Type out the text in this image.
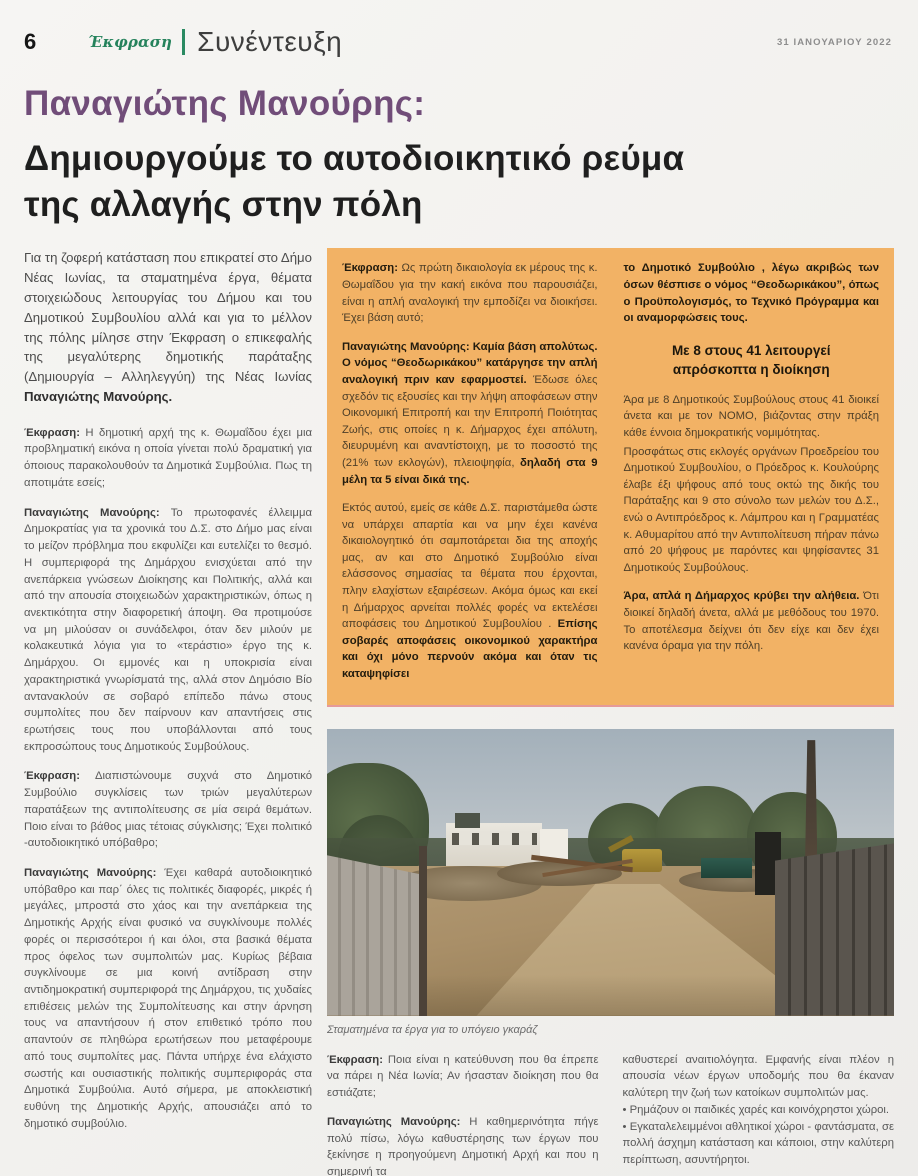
6	Έκφραση Συνέντευξη	31 ΙΑΝΟΥΑΡΙΟΥ 2022
Παναγιώτης Μανούρης:
Δημιουργούμε το αυτοδιοικητικό ρεύμα
της αλλαγής στην πόλη

Για τη ζοφερή κατάσταση που επικρατεί στο Δήμο Νέας Ιωνίας, τα σταματημένα έργα, θέματα στοιχειώδους λειτουργίας του Δήμου και του Δημοτικού Συμβουλίου αλλά και για το μέλλον της πόλης μίλησε στην Έκφραση ο επικεφαλής της μεγαλύτερης δημοτικής παράταξης (Δημιουργία – Αλληλεγγύη) της Νέας Ιωνίας Παναγιώτης Μανούρης.

Έκφραση: Η δημοτική αρχή της κ. Θωμαΐδου έχει μια προβληματική εικόνα η οποία γίνεται πολύ δραματική για όποιους παρακολουθούν τα Δημοτικά Συμβούλια. Πως τη αποτιμάτε εσείς;

Παναγιώτης Μανούρης: Το πρωτοφανές έλλειμμα Δημοκρατίας για τα χρονικά του Δ.Σ. στο Δήμο μας είναι το μείζον πρόβλημα που εκφυλίζει και ευτελίζει το θεσμό. Η συμπεριφορά της Δημάρχου ενισχύεται από την ανεπάρκεια γνώσεων Διοίκησης και Πολιτικής, αλλά και από την απουσία στοιχειωδών χαρακτηριστικών, όπως η ανεκτικότητα στην διαφορετική άποψη. Θα προτιμούσε να μη μιλούσαν οι συνάδελφοι, όταν δεν μιλούν με κολακευτικά λόγια για το «τεράστιο» έργο της κ. Δημάρχου. Οι εμμονές και η υποκρισία είναι χαρακτηριστικά γνωρίσματά της, αλλά στον Δημόσιο Βίο αντανακλούν σε σοβαρό επίπεδο πάνω στους συμπολίτες που δεν παίρνουν καν απαντήσεις στις ερωτήσεις τους που υποβάλλονται από τους εκπροσώπους τους Δημοτικούς Συμβούλους.

Έκφραση: Διαπιστώνουμε συχνά στο Δημοτικό Συμβούλιο συγκλίσεις των τριών μεγαλύτερων παρατάξεων της αντιπολίτευσης σε μία σειρά θεμάτων. Ποιο είναι το βάθος μιας τέτοιας σύγκλισης; Έχει πολιτικό -αυτοδιοικητικό υπόβαθρο;

Παναγιώτης Μανούρης: Έχει καθαρά αυτοδιοικητικό υπόβαθρο και παρ΄ όλες τις πολιτικές διαφορές, μικρές ή μεγάλες, μπροστά στο χάος και την ανεπάρκεια της Δημοτικής Αρχής είναι φυσικό να συγκλίνουμε πολλές φορές οι περισσότεροι ή και όλοι, στα βασικά θέματα προς όφελος των συμπολιτών μας. Κυρίως βέβαια συγκλίνουμε σε μια κοινή αντίδραση στην αντιδημοκρατική συμπεριφορά της Δημάρχου, τις χυδαίες επιθέσεις μελών της Συμπολίτευσης και στην άρνηση τους να απαντήσουν ή στον επιθετικό τρόπο που απαντούν σε πληθώρα ερωτήσεων που μεταφέρουμε από τους συμπολίτες μας. Πάντα υπήρχε ένα ελάχιστο σωστής και ουσιαστικής πολιτικής συμπεριφοράς στα Δημοτικά Συμβούλια. Αυτό σήμερα, με αποκλειστική ευθύνη της Δημοτικής Αρχής, απουσιάζει από το δημοτικό συμβούλιο.

Έκφραση: Ως πρώτη δικαιολογία εκ μέρους της κ. Θωμαΐδου για την κακή εικόνα που παρουσιάζει, είναι η απλή αναλογική την εμποδίζει να διοικήσει. Έχει βάση αυτό;

Παναγιώτης Μανούρης: Καμία βάση απολύτως. Ο νόμος “Θεοδωρικάκου” κατάργησε την απλή αναλογική πριν καν εφαρμοστεί. Έδωσε όλες σχεδόν τις εξουσίες και την λήψη αποφάσεων στην Οικονομική Επιτροπή και την Επιτροπή Ποιότητας Ζωής, στις οποίες η κ. Δήμαρχος έχει απόλυτη, διευρυμένη και αναντίστοιχη, με το ποσοστό της (21% των εκλογών), πλειοψηφία, δηλαδή στα 9 μέλη τα 5 είναι δικά της.

Εκτός αυτού, εμείς σε κάθε Δ.Σ. παριστάμεθα ώστε να υπάρχει απαρτία και να μην έχει κανένα δικαιολογητικό ότι σαμποτάρεται δια της αποχής μας, αν και στο Δημοτικό Συμβούλιο είναι ελάσσονος σημασίας τα θέματα που έρχονται, πλην ελαχίστων εξαιρέσεων. Ακόμα όμως και εκεί η Δήμαρχος αρνείται πολλές φορές να εκτελέσει αποφάσεις του Δημοτικού Συμβουλίου . Επίσης σοβαρές αποφάσεις οικονομικού χαρακτήρα και όχι μόνο περνούν ακόμα και όταν τις καταψηφίσει

το Δημοτικό Συμβούλιο , λέγω ακριβώς των όσων θέσπισε ο νόμος “Θεοδωρικάκου”, όπως ο Προϋπολογισμός, το Τεχνικό Πρόγραμμα και οι αναμορφώσεις τους.

Με 8 στους 41 λειτουργεί
απρόσκοπτα η διοίκηση

Άρα με 8 Δημοτικούς Συμβούλους στους 41 διοικεί άνετα και με τον ΝΟΜΟ, βιάζοντας στην πράξη κάθε έννοια δημοκρατικής νομιμότητας.

Προσφάτως στις εκλογές οργάνων Προεδρείου του Δημοτικού Συμβουλίου, ο Πρόεδρος κ. Κουλούρης έλαβε έξι ψήφους από τους οκτώ της δικής του Παράταξης και 9 στο σύνολο των μελών του Δ.Σ., ενώ ο Αντιπρόεδρος κ. Λάμπρου και η Γραμματέας κ. Αθυμαρίτου από την Αντιπολίτευση πήραν πάνω από 20 ψήφους με παρόντες και ψηφίσαντες 31 Δημοτικούς Συμβούλους.

Άρα, απλά η Δήμαρχος κρύβει την αλήθεια. Ότι διοικεί δηλαδή άνετα, αλλά με μεθόδους του 1970. Το αποτέλεσμα δείχνει ότι δεν είχε και δεν έχει κανένα όραμα για την πόλη.

Σταματημένα τα έργα για το υπόγειο γκαράζ

Έκφραση: Ποια είναι η κατεύθυνση που θα έπρεπε να πάρει η Νέα Ιωνία; Αν ήσασταν διοίκηση που θα εστιάζατε;

Παναγιώτης Μανούρης: Η καθημερινότητα πήγε πολύ πίσω, λόγω καθυστέρησης των έργων που ξεκίνησε η προηγούμενη Δημοτική Αρχή και που η σημερινή τα

καθυστερεί αναιτιολόγητα. Εμφανής είναι πλέον η απουσία νέων έργων υποδομής που θα έκαναν καλύτερη την ζωή των κατοίκων συμπολιτών μας.

• Ρημάζουν οι παιδικές χαρές και κοινόχρηστοι χώροι.

• Εγκαταλελειμμένοι αθλητικοί χώροι - φαντάσματα, σε πολλή άσχημη κατάσταση και κάποιοι, στην καλύτερη περίπτωση, ασυντήρητοι.
